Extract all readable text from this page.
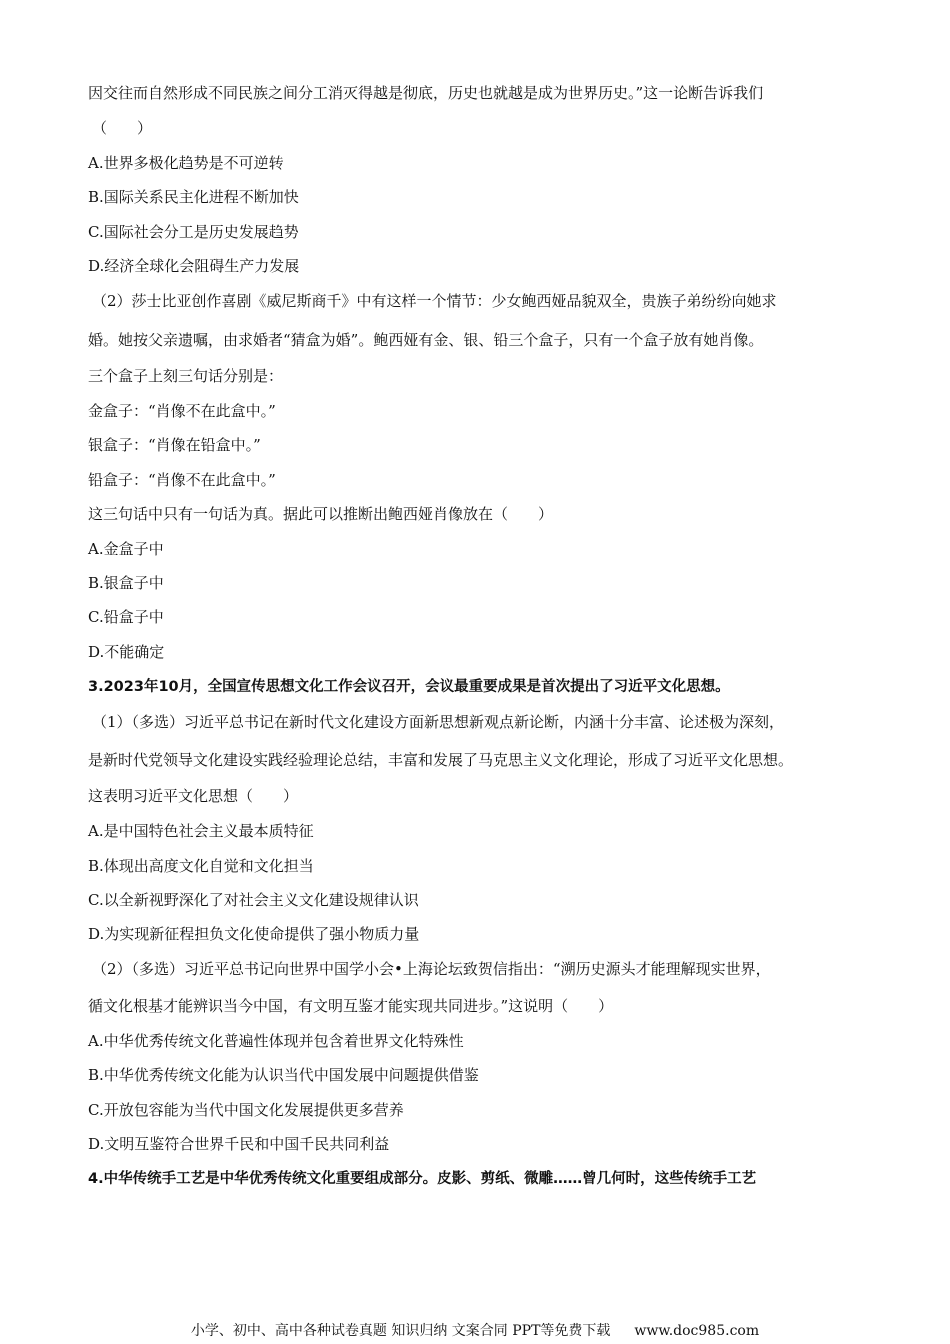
因交往而自然形成不同民族之间分工消灭得越是彻底，历史也就越是成为世界历史。”这一论断告诉我们
（　　）
A.世界多极化趋势是不可逆转
B.国际关系民主化进程不断加快
C.国际社会分工是历史发展趋势
D.经济全球化会阻碍生产力发展
（2）莎士比亚创作喜剧《威尼斯商千》中有这样一个情节：少女鲍西娅品貌双全，贵族子弟纷纷向她求
婚。她按父亲遗嘱，由求婚者“猜盒为婚”。鲍西娅有金、银、铅三个盒子，只有一个盒子放有她肖像。
三个盒子上刻三句话分别是：
金盒子：“肖像不在此盒中。”
银盒子：“肖像在铅盒中。”
铅盒子：“肖像不在此盒中。”
这三句话中只有一句话为真。据此可以推断出鲍西娅肖像放在（　　）
A.金盒子中
B.银盒子中
C.铅盒子中
D.不能确定
3.2023年10月，全国宣传思想文化工作会议召开，会议最重要成果是首次提出了习近平文化思想。
（1）（多选）习近平总书记在新时代文化建设方面新思想新观点新论断，内涵十分丰富、论述极为深刻，
是新时代党领导文化建设实践经验理论总结，丰富和发展了马克思主义文化理论，形成了习近平文化思想。
这表明习近平文化思想（　　）
A.是中国特色社会主义最本质特征
B.体现出高度文化自觉和文化担当
C.以全新视野深化了对社会主义文化建设规律认识
D.为实现新征程担负文化使命提供了强小物质力量
（2）（多选）习近平总书记向世界中国学小会•上海论坛致贺信指出：“溯历史源头才能理解现实世界，
循文化根基才能辨识当今中国，有文明互鉴才能实现共同进步。”这说明（　　）
A.中华优秀传统文化普遍性体现并包含着世界文化特殊性
B.中华优秀传统文化能为认识当代中国发展中问题提供借鉴
C.开放包容能为当代中国文化发展提供更多营养
D.文明互鉴符合世界千民和中国千民共同利益
4.中华传统手工艺是中华优秀传统文化重要组成部分。皮影、剪纸、微雕……曾几何时，这些传统手工艺
小学、初中、高中各种试卷真题 知识归纳 文案合同 PPT等免费下载 www.doc985.com
